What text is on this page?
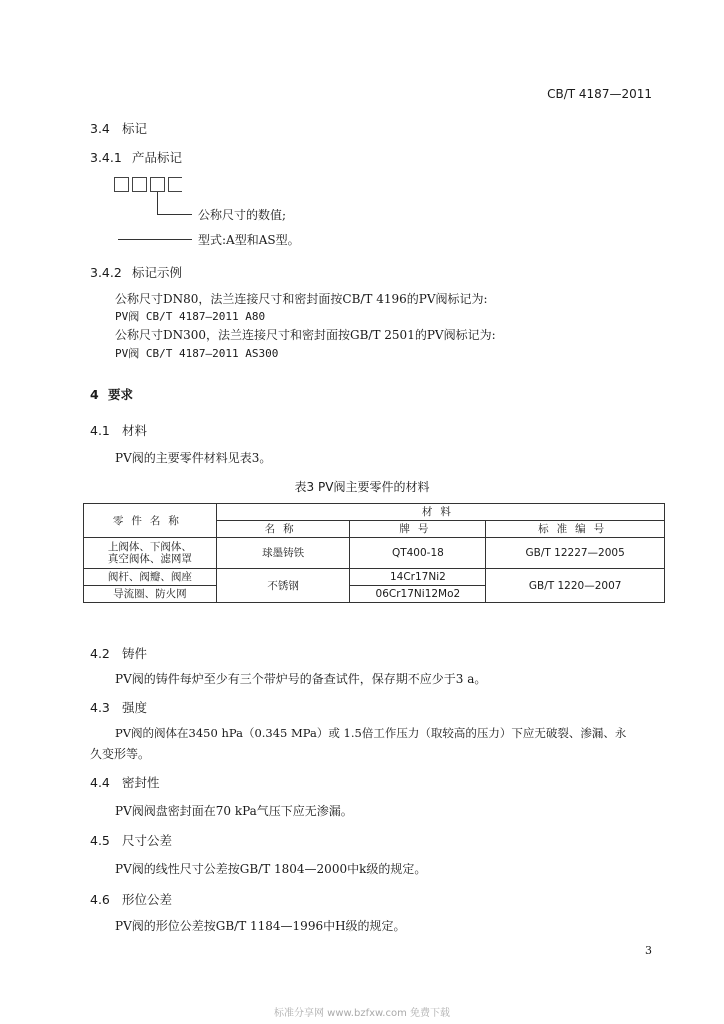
CB/T 4187—2011
3.4 标记
3.4.1 产品标记
公称尺寸的数值;
型式:A型和AS型。
3.4.2 标记示例
公称尺寸DN80，法兰连接尺寸和密封面按CB/T 4196的PV阀标记为:
PV阀 CB/T 4187—2011 A80
公称尺寸DN300，法兰连接尺寸和密封面按GB/T 2501的PV阀标记为:
PV阀 CB/T 4187—2011 AS300
4 要求
4.1 材料
PV阀的主要零件材料见表3。
表3 PV阀主要零件的材料
零件名称	材料		
	名称	牌号	标准编号

上阀体、下阀体、
真空阀体、滤网罩	球墨铸铁	QT400-18	GB/T 12227—2005
阀杆、阀瓣、阀座	不锈钢	14Cr17Ni2	GB/T 1220—2007
导流圈、防火网		06Cr17Ni12Mo2	
4.2 铸件
PV阀的铸件每炉至少有三个带炉号的备查试件，保存期不应少于3 a。
4.3 强度
PV阀的阀体在3450 hPa（0.345 MPa）或 1.5倍工作压力（取较高的压力）下应无破裂、渗漏、永
久变形等。
4.4 密封性
PV阀阀盘密封面在70 kPa气压下应无渗漏。
4.5 尺寸公差
PV阀的线性尺寸公差按GB/T 1804—2000中k级的规定。
4.6 形位公差
PV阀的形位公差按GB/T 1184—1996中H级的规定。
3
标准分享网 www.bzfxw.com 免费下载
